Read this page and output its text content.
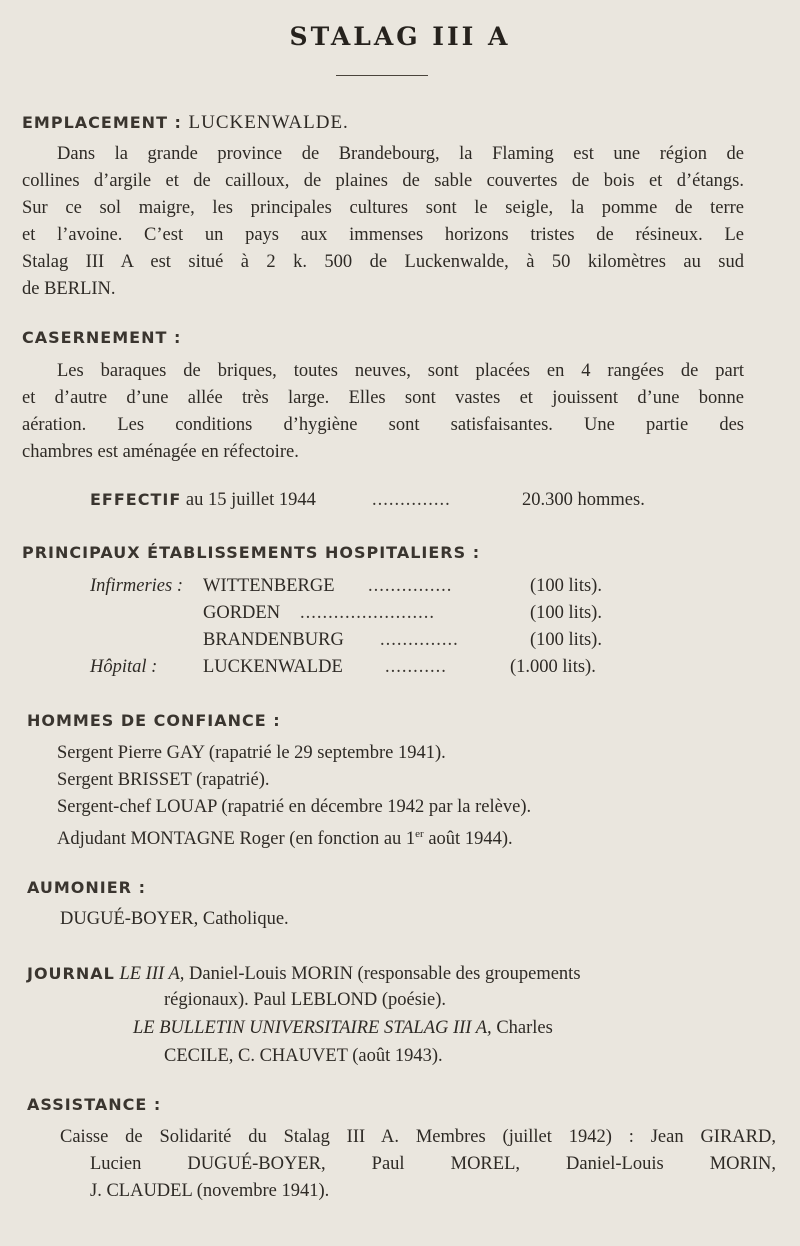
STALAG III A
EMPLACEMENT : LUCKENWALDE.
Dans la grande province de Brandebourg, la Flaming est une région de
collines d’argile et de cailloux, de plaines de sable couvertes de bois et d’étangs.
Sur ce sol maigre, les principales cultures sont le seigle, la pomme de terre
et l’avoine. C’est un pays aux immenses horizons tristes de résineux. Le
Stalag III A est situé à 2 k. 500 de Luckenwalde, à 50 kilomètres au sud
de BERLIN.
CASERNEMENT :
Les baraques de briques, toutes neuves, sont placées en 4 rangées de part
et d’autre d’une allée très large. Elles sont vastes et jouissent d’une bonne
aération. Les conditions d’hygiène sont satisfaisantes. Une partie des
chambres est aménagée en réfectoire.
EFFECTIF au 15 juillet 1944	..............	20.300 hommes.
PRINCIPAUX ÉTABLISSEMENTS HOSPITALIERS :
Infirmeries : WITTENBERGE ...............	(100 lits).
GORDEN ........................	(100 lits).
BRANDENBURG ..............	(100 lits).
Hôpital : LUCKENWALDE ...........	(1.000 lits).
HOMMES DE CONFIANCE :
Sergent Pierre GAY (rapatrié le 29 septembre 1941).
Sergent BRISSET (rapatrié).
Sergent-chef LOUAP (rapatrié en décembre 1942 par la relève).
Adjudant MONTAGNE Roger (en fonction au 1er août 1944).
AUMONIER :
DUGUÉ-BOYER, Catholique.
JOURNAL LE III A, Daniel-Louis MORIN (responsable des groupements
régionaux). Paul LEBLOND (poésie).
LE BULLETIN UNIVERSITAIRE STALAG III A, Charles
CECILE, C. CHAUVET (août 1943).
ASSISTANCE :
Caisse de Solidarité du Stalag III A. Membres (juillet 1942) : Jean GIRARD,
Lucien DUGUÉ-BOYER, Paul MOREL, Daniel-Louis MORIN,
J. CLAUDEL (novembre 1941).
